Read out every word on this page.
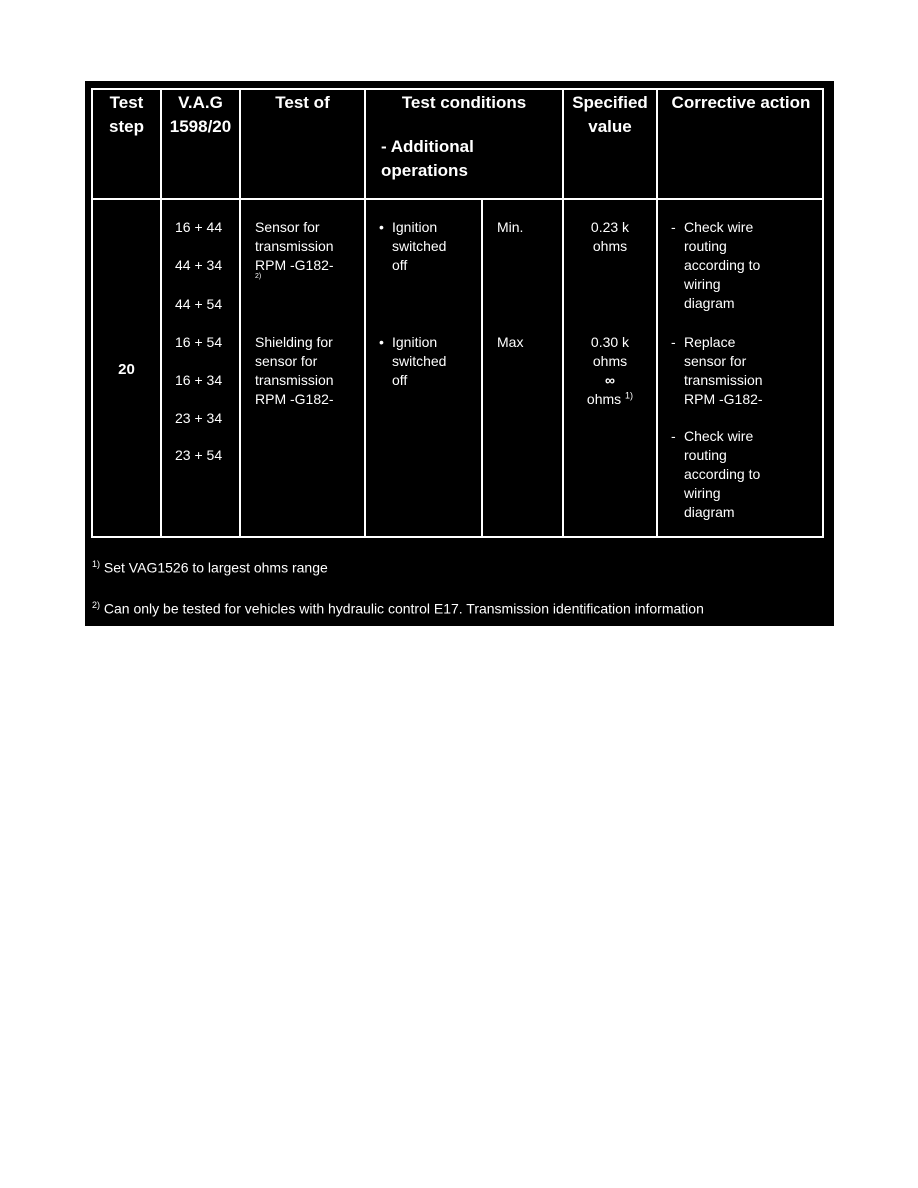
Test
step
V.A.G
1598/20
Test of	Test conditions
- Additional
operations
Specified
value
Corrective action
20
16 + 44
44 + 34
44 + 54
16 + 54
16 + 34
23 + 34
23 + 54
Sensor for
transmission
RPM -G182-
2)
Shielding for
sensor for
transmission
RPM -G182-
• Ignition
switched
off
Min.
• Ignition
switched
off
Max
0.23 k
ohms
0.30 k
ohms
∞
ohms $^{1)}$
- Check wire
routing
according to
wiring
diagram
- Replace
sensor for
transmission
RPM -G182-
- Check wire
routing
according to
wiring
diagram
$^{1)}$ Set VAG1526 to largest ohms range
$^{2)}$ Can only be tested for vehicles with hydraulic control E17. Transmission identification information
